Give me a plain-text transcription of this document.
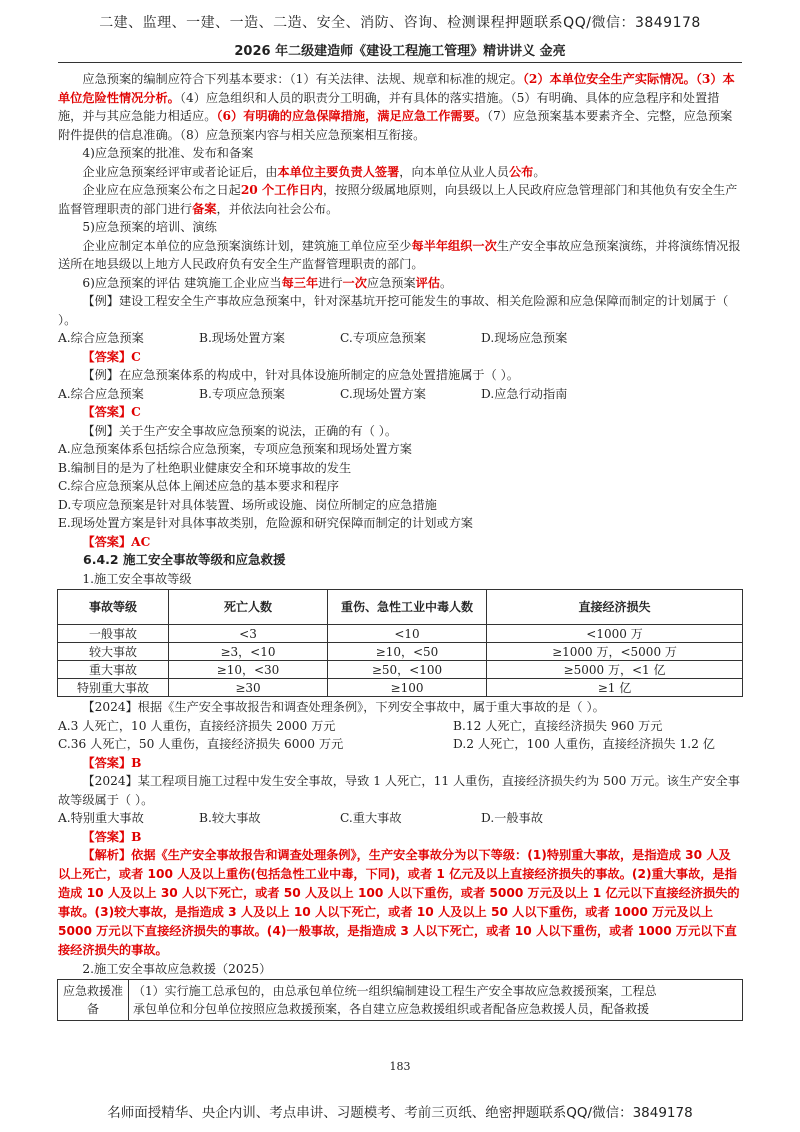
二建、监理、一建、一造、二造、安全、消防、咨询、检测课程押题联系QQ/微信：3849178
2026 年二级建造师《建设工程施工管理》精讲讲义 金亮

应急预案的编制应符合下列基本要求：（1）有关法律、法规、规章和标准的规定。（2）本单位安全生产实际情况。（3）本单位危险性情况分析。（4）应急组织和人员的职责分工明确，并有具体的落实措施。（5）有明确、具体的应急程序和处置措施，并与其应急能力相适应。（6）有明确的应急保障措施，满足应急工作需要。（7）应急预案基本要素齐全、完整，应急预案附件提供的信息准确。（8）应急预案内容与相关应急预案相互衔接。

4)应急预案的批准、发布和备案

企业应急预案经评审或者论证后，由本单位主要负责人签署，向本单位从业人员公布。

企业应在应急预案公布之日起20 个工作日内，按照分级属地原则，向县级以上人民政府应急管理部门和其他负有安全生产监督管理职责的部门进行备案，并依法向社会公布。

5)应急预案的培训、演练

企业应制定本单位的应急预案演练计划，建筑施工单位应至少每半年组织一次生产安全事故应急预案演练，并将演练情况报送所在地县级以上地方人民政府负有安全生产监督管理职责的部门。

6)应急预案的评估 建筑施工企业应当每三年进行一次应急预案评估。

【例】建设工程安全生产事故应急预案中，针对深基坑开挖可能发生的事故、相关危险源和应急保障而制定的计划属于（ ）。

A.综合应急预案	B.现场处置方案	C.专项应急预案	D.现场应急预案

【答案】C

【例】在应急预案体系的构成中，针对具体设施所制定的应急处置措施属于（ ）。

A.综合应急预案	B.专项应急预案	C.现场处置方案	D.应急行动指南

【答案】C

【例】关于生产安全事故应急预案的说法，正确的有（ ）。

A.应急预案体系包括综合应急预案，专项应急预案和现场处置方案

B.编制目的是为了杜绝职业健康安全和环境事故的发生

C.综合应急预案从总体上阐述应急的基本要求和程序

D.专项应急预案是针对具体装置、场所或设施、岗位所制定的应急措施

E.现场处置方案是针对具体事故类别，危险源和研究保障而制定的计划或方案

【答案】AC

6.4.2 施工安全事故等级和应急救援

1.施工安全事故等级

事故等级	死亡人数	重伤、急性工业中毒人数	直接经济损失
一般事故	<3	<10	<1000 万
较大事故	≥3，<10	≥10，<50	≥1000 万，<5000 万
重大事故	≥10，<30	≥50，<100	≥5000 万，<1 亿
特别重大事故	≥30	≥100	≥1 亿

【2024】根据《生产安全事故报告和调查处理条例》，下列安全事故中，属于重大事故的是（ ）。

A.3 人死亡，10 人重伤，直接经济损失 2000 万元	B.12 人死亡，直接经济损失 960 万元
C.36 人死亡，50 人重伤，直接经济损失 6000 万元	D.2 人死亡，100 人重伤，直接经济损失 1.2 亿

【答案】B

【2024】某工程项目施工过程中发生安全事故，导致 1 人死亡，11 人重伤，直接经济损失约为 500 万元。该生产安全事故等级属于（ ）。

A.特别重大事故	B.较大事故	C.重大事故	D.一般事故

【答案】B

【解析】依据《生产安全事故报告和调查处理条例》，生产安全事故分为以下等级：(1)特别重大事故，是指造成 30 人及以上死亡，或者 100 人及以上重伤(包括急性工业中毒，下同)，或者 1 亿元及以上直接经济损失的事故。(2)重大事故，是指造成 10 人及以上 30 人以下死亡，或者 50 人及以上 100 人以下重伤，或者 5000 万元及以上 1 亿元以下直接经济损失的事故。(3)较大事故，是指造成 3 人及以上 10 人以下死亡，或者 10 人及以上 50 人以下重伤，或者 1000 万元及以上 5000 万元以下直接经济损失的事故。(4)一般事故，是指造成 3 人以下死亡，或者 10 人以下重伤，或者 1000 万元以下直接经济损失的事故。

2.施工安全事故应急救援（2025）

应急救援准备	
（1）实行施工总承包的，由总承包单位统一组织编制建设工程生产安全事故应急救援预案，工程总
承包单位和分包单位按照应急救援预案，各自建立应急救援组织或者配备应急救援人员，配备救援
183
名师面授精华、央企内训、考点串讲、习题模考、考前三页纸、绝密押题联系QQ/微信：3849178
